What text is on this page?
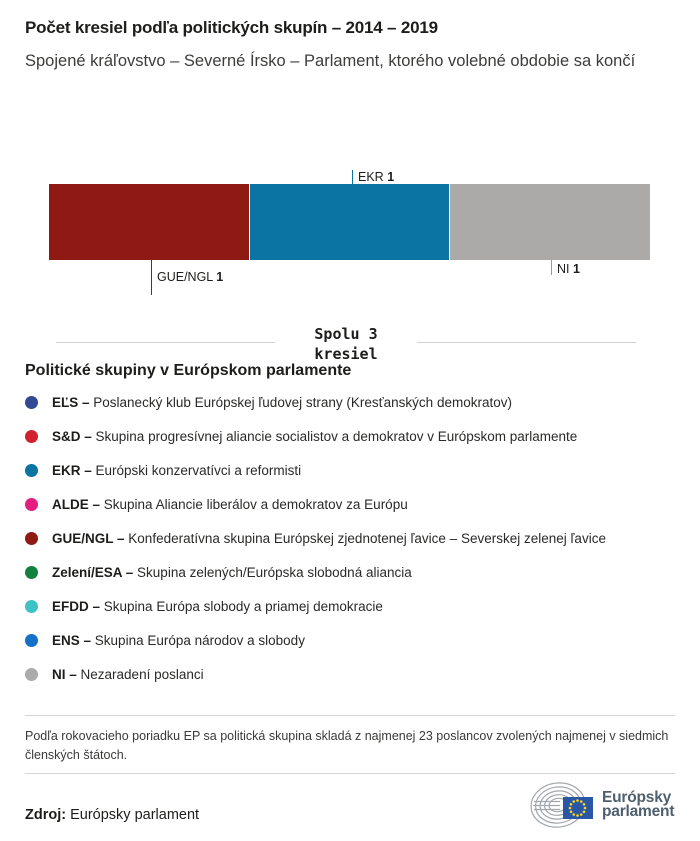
Počet kresiel podľa politických skupín – 2014 – 2019
Spojené kráľovstvo – Severné Írsko – Parlament, ktorého volebné obdobie sa končí
EKR 1
GUE/NGL 1
NI 1
Spolu 3
kresiel
Politické skupiny v Európskom parlamente
EĽS – Poslanecký klub Európskej ľudovej strany (Kresťanských demokratov)
S&D – Skupina progresívnej aliancie socialistov a demokratov v Európskom parlamente
EKR – Európski konzervatívci a reformisti
ALDE – Skupina Aliancie liberálov a demokratov za Európu
GUE/NGL – Konfederatívna skupina Európskej zjednotenej ľavice – Severskej zelenej ľavice
Zelení/ESA – Skupina zelených/Európska slobodná aliancia
EFDD – Skupina Európa slobody a priamej demokracie
ENS – Skupina Európa národov a slobody
NI – Nezaradení poslanci
Podľa rokovacieho poriadku EP sa politická skupina skladá z najmenej 23 poslancov zvolených najmenej v siedmich členských štátoch.
Zdroj: Európsky parlament
Európsky
parlament
